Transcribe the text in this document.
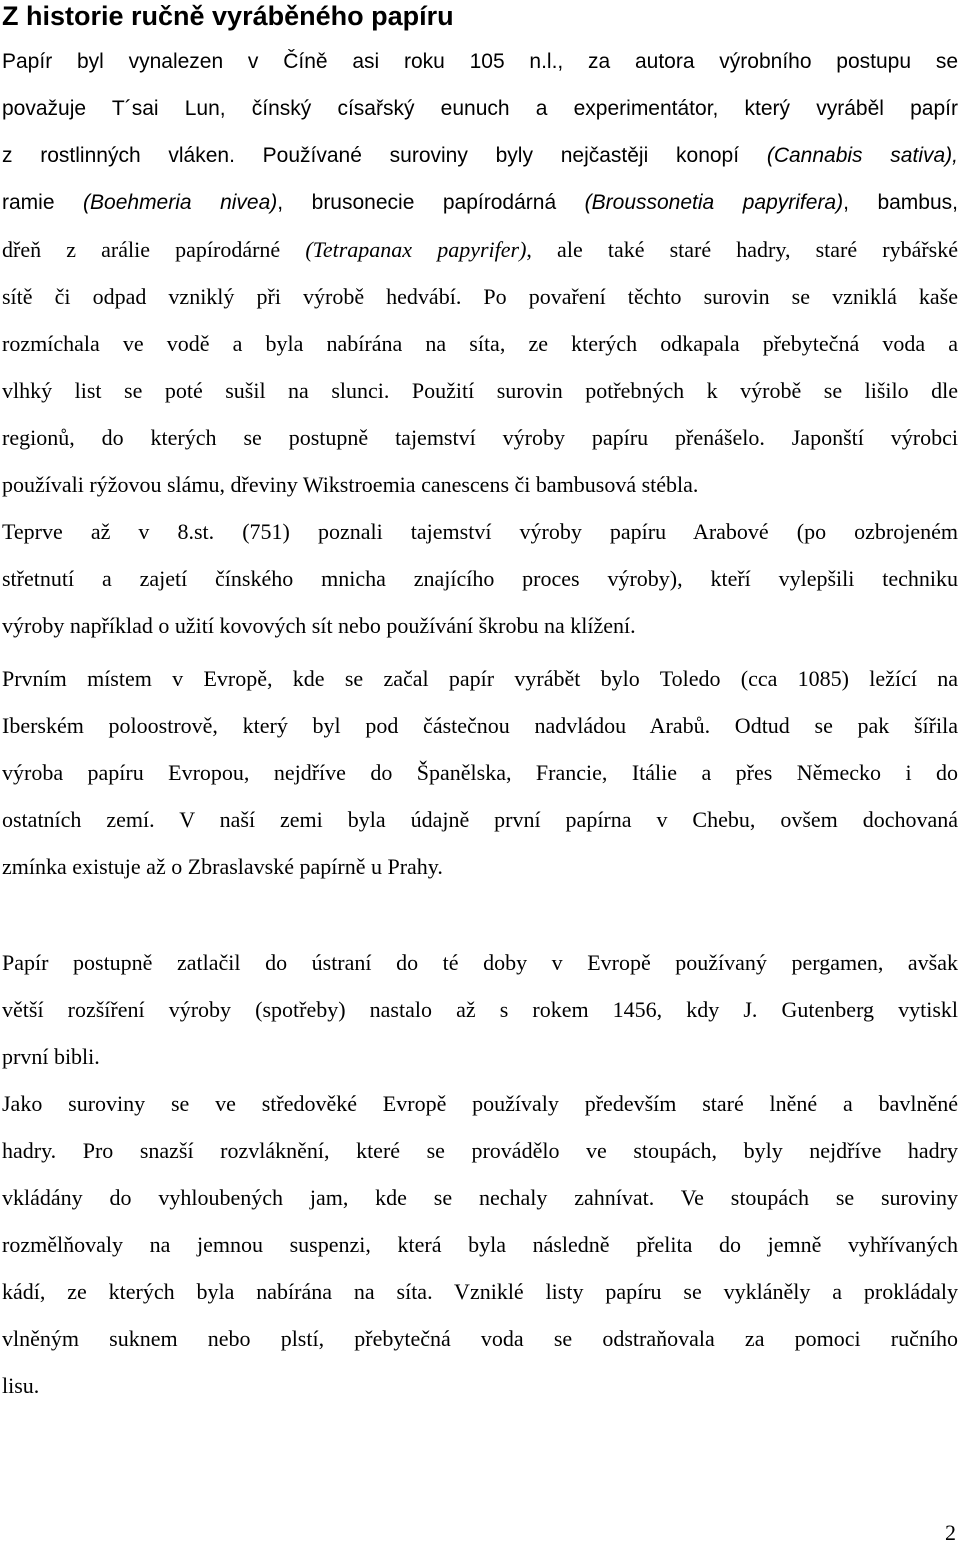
Z historie ručně vyráběného papíru
Papír byl vynalezen v Číně asi roku 105 n.l., za autora výrobního postupu se
považuje T´sai Lun, čínský císařský eunuch a experimentátor, který vyráběl papír
z rostlinných vláken. Používané suroviny byly nejčastěji konopí (Cannabis sativa),
ramie (Boehmeria nivea), brusonecie papírodárná (Broussonetia papyrifera), bambus,
dřeň z arálie papírodárné (Tetrapanax papyrifer), ale také staré hadry, staré rybářské
sítě či odpad vzniklý při výrobě hedvábí. Po povaření těchto surovin se vzniklá kaše
rozmíchala ve vodě a byla nabírána na síta, ze kterých odkapala přebytečná voda a
vlhký list se poté sušil na slunci. Použití surovin potřebných k výrobě se lišilo dle
regionů, do kterých se postupně tajemství výroby papíru přenášelo. Japonští výrobci
používali rýžovou slámu, dřeviny Wikstroemia canescens či bambusová stébla.
Teprve až v 8.st. (751) poznali tajemství výroby papíru Arabové (po ozbrojeném
střetnutí a zajetí čínského mnicha znajícího proces výroby), kteří vylepšili techniku
výroby například o užití kovových sít nebo používání škrobu na klížení.
Prvním místem v Evropě, kde se začal papír vyrábět bylo Toledo (cca 1085) ležící na
Iberském poloostrově, který byl pod částečnou nadvládou Arabů. Odtud se pak šířila
výroba papíru Evropou, nejdříve do Španělska, Francie, Itálie a přes Německo i do
ostatních zemí. V naší zemi byla údajně první papírna v Chebu, ovšem dochovaná
zmínka existuje až o Zbraslavské papírně u Prahy.
Papír postupně zatlačil do ústraní do té doby v Evropě používaný pergamen, avšak
větší rozšíření výroby (spotřeby) nastalo až s rokem 1456, kdy J. Gutenberg vytiskl
první bibli.
Jako suroviny se ve středověké Evropě používaly především staré lněné a bavlněné
hadry. Pro snazší rozvláknění, které se provádělo ve stoupách, byly nejdříve hadry
vkládány do vyhloubených jam, kde se nechaly zahnívat. Ve stoupách se suroviny
rozmělňovaly na jemnou suspenzi, která byla následně přelita do jemně vyhřívaných
kádí, ze kterých byla nabírána na síta. Vzniklé listy papíru se vykláněly a prokládaly
vlněným suknem nebo plstí, přebytečná voda se odstraňovala za pomoci ručního
lisu.
2
